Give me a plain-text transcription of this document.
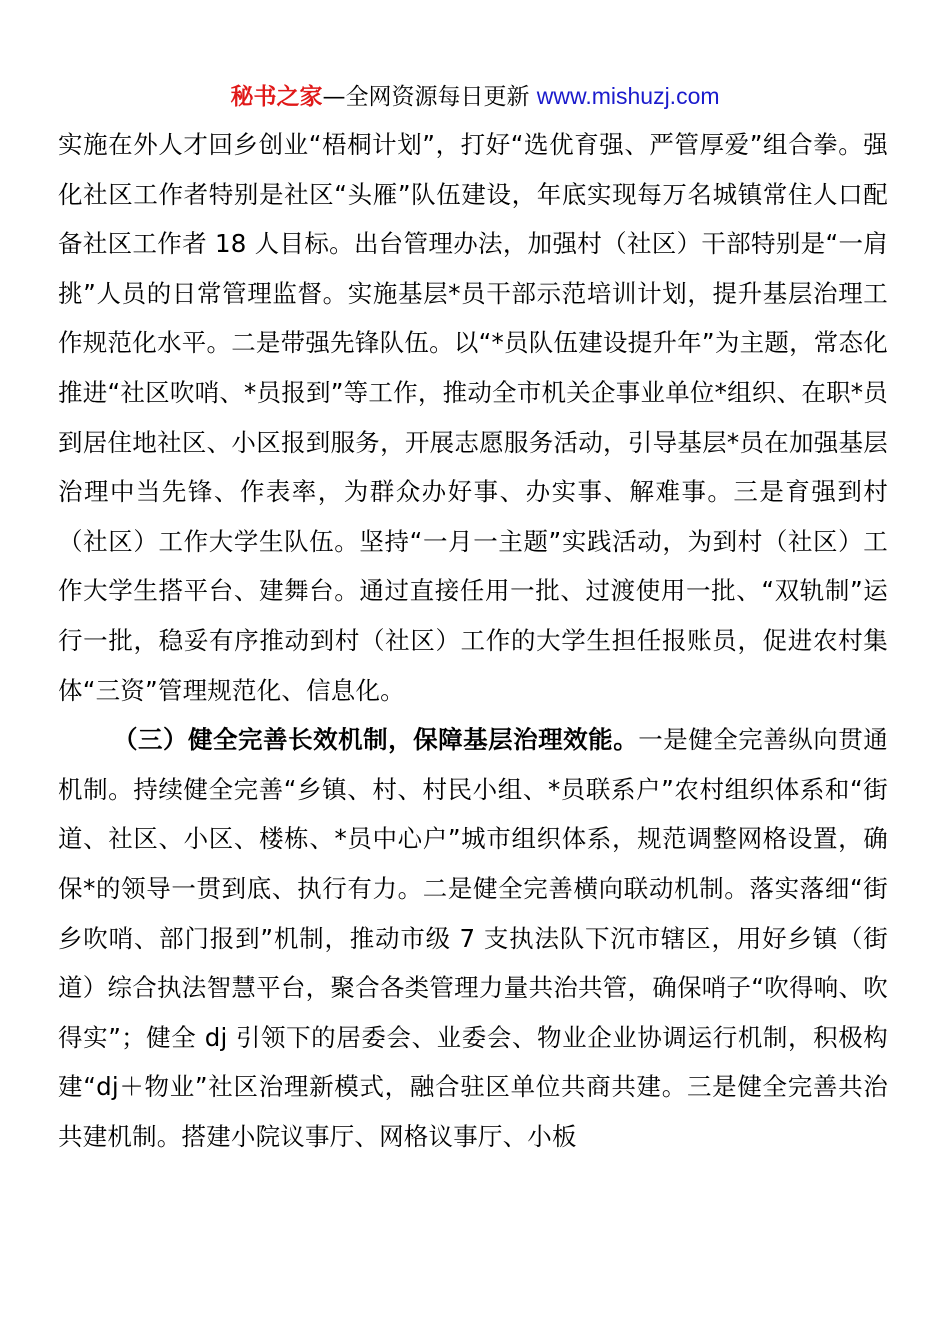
秘书之家—全网资源每日更新 www.mishuzj.com

实施在外人才回乡创业“梧桐计划”，打好“选优育强、严管厚爱”组合拳。强化社区工作者特别是社区“头雁”队伍建设，年底实现每万名城镇常住人口配备社区工作者 18 人目标。出台管理办法，加强村（社区）干部特别是“一肩挑”人员的日常管理监督。实施基层*员干部示范培训计划，提升基层治理工作规范化水平。二是带强先锋队伍。以“*员队伍建设提升年”为主题，常态化推进“社区吹哨、*员报到”等工作，推动全市机关企事业单位*组织、在职*员到居住地社区、小区报到服务，开展志愿服务活动，引导基层*员在加强基层治理中当先锋、作表率，为群众办好事、办实事、解难事。三是育强到村（社区）工作大学生队伍。坚持“一月一主题”实践活动，为到村（社区）工作大学生搭平台、建舞台。通过直接任用一批、过渡使用一批、“双轨制”运行一批，稳妥有序推动到村（社区）工作的大学生担任报账员，促进农村集体“三资”管理规范化、信息化。

（三）健全完善长效机制，保障基层治理效能。一是健全完善纵向贯通机制。持续健全完善“乡镇、村、村民小组、*员联系户”农村组织体系和“街道、社区、小区、楼栋、*员中心户”城市组织体系，规范调整网格设置，确保*的领导一贯到底、执行有力。二是健全完善横向联动机制。落实落细“街乡吹哨、部门报到”机制，推动市级 7 支执法队下沉市辖区，用好乡镇（街道）综合执法智慧平台，聚合各类管理力量共治共管，确保哨子“吹得响、吹得实”；健全 dj 引领下的居委会、业委会、物业企业协调运行机制，积极构建“dj＋物业”社区治理新模式，融合驻区单位共商共建。三是健全完善共治共建机制。搭建小院议事厅、网格议事厅、小板
